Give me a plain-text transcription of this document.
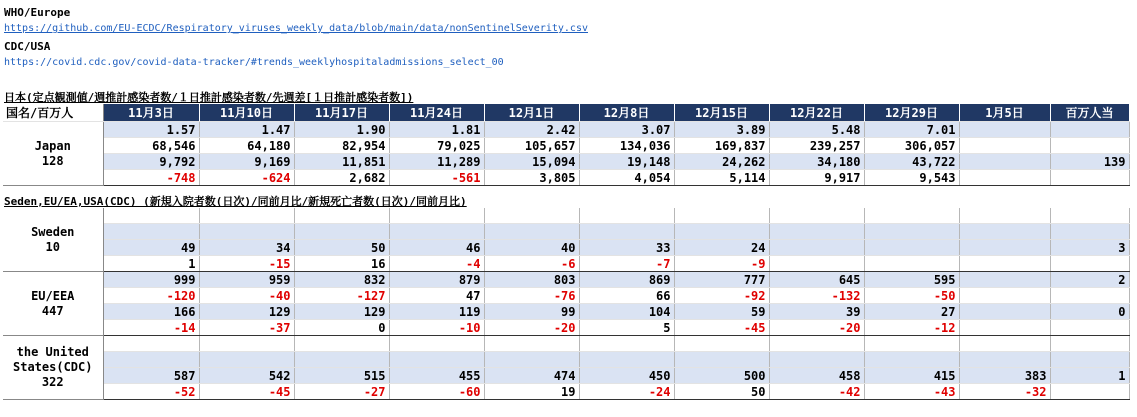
WHO/Europe
https://github.com/EU-ECDC/Respiratory_viruses_weekly_data/blob/main/data/nonSentinelSeverity.csv
CDC/USA
https://covid.cdc.gov/covid-data-tracker/#trends_weeklyhospitaladmissions_select_00
日本(定点観測値/週推計感染者数/１日推計感染者数/先週差[１日推計感染者数])
国名/百万人	11月3日	11月10日	11月17日	11月24日	12月1日	12月8日	12月15日	12月22日	12月29日	1月5日	百万人当

Japan
128	1.57	1.47	1.90	1.81	2.42	3.07	3.89	5.48	7.01		
	68,546	64,180	82,954	79,025	105,657	134,036	169,837	239,257	306,057		
	9,792	9,169	11,851	11,289	15,094	19,148	24,262	34,180	43,722		139
	-748	-624	2,682	-561	3,805	4,054	5,114	9,917	9,543		
Seden,EU/EA,USA(CDC) (新規入院者数(日次)/同前月比/新規死亡者数(日次)/同前月比)
Sweden
10											

	49	34	50	46	40	33	24				3
	1	-15	16	-4	-6	-7	-9				

EU/EEA
447	999	959	832	879	803	869	777	645	595		2
	-120	-40	-127	47	-76	66	-92	-132	-50		
	166	129	129	119	99	104	59	39	27		0
	-14	-37	0	-10	-20	5	-45	-20	-12		

the United
States(CDC)
322											

	587	542	515	455	474	450	500	458	415	383	1
	-52	-45	-27	-60	19	-24	50	-42	-43	-32	
